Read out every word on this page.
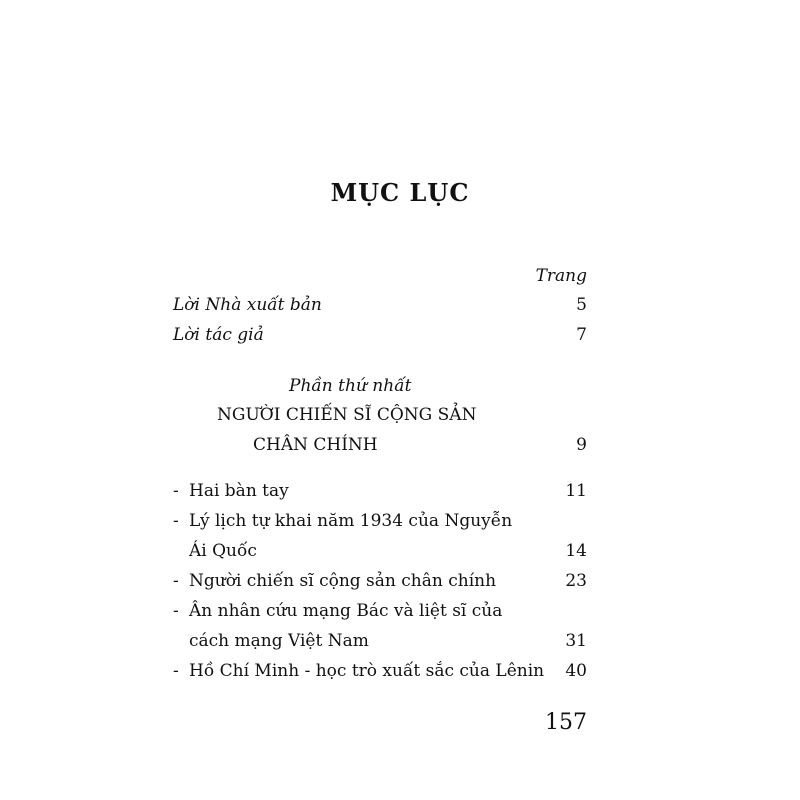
MỤC LỤC
Trang
Lời Nhà xuất bản	5
Lời tác giả	7
Phần thứ nhất
NGƯỜI CHIẾN SĨ CỘNG SẢN
CHÂN CHÍNH	9
- Hai bàn tay	11
- Lý lịch tự khai năm 1934 của Nguyễn
Ái Quốc	14
- Người chiến sĩ cộng sản chân chính	23
- Ân nhân cứu mạng Bác và liệt sĩ của
cách mạng Việt Nam	31
- Hồ Chí Minh - học trò xuất sắc của Lênin 40
157
